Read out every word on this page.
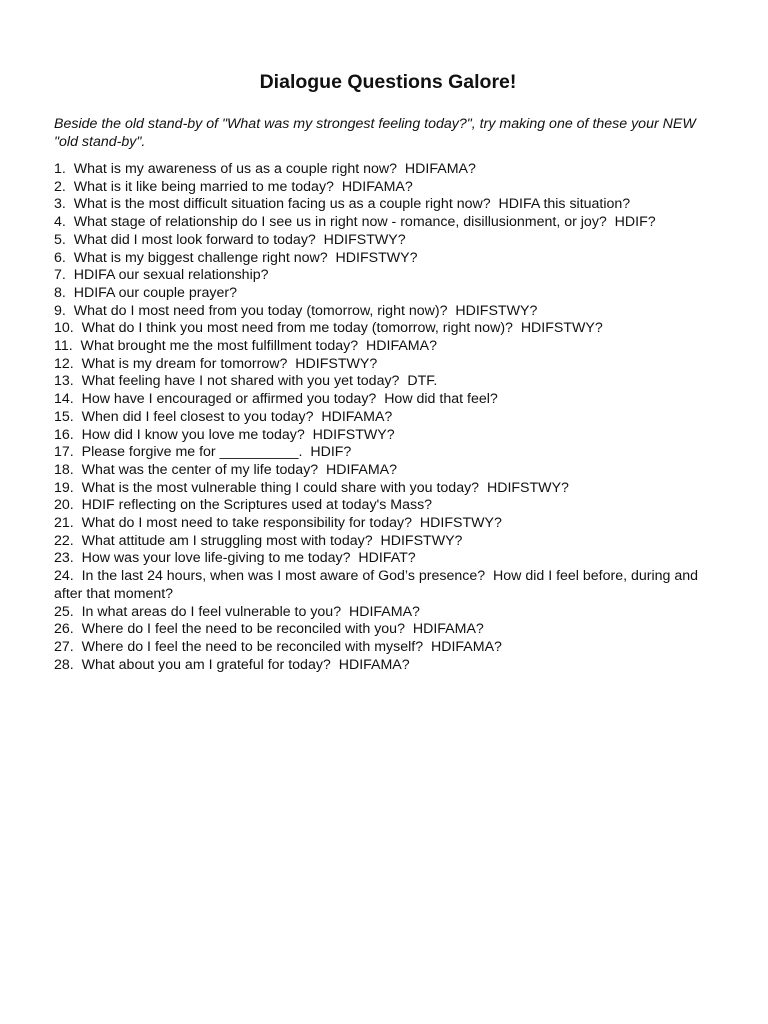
Dialogue Questions Galore!

Beside the old stand-by of "What was my strongest feeling today?", try making one of these your NEW "old stand-by".

1.  What is my awareness of us as a couple right now?  HDIFAMA?
2.  What is it like being married to me today?  HDIFAMA?
3.  What is the most difficult situation facing us as a couple right now?  HDIFA this situation?
4.  What stage of relationship do I see us in right now - romance, disillusionment, or joy?  HDIF?
5.  What did I most look forward to today?  HDIFSTWY?
6.  What is my biggest challenge right now?  HDIFSTWY?
7.  HDIFA our sexual relationship?
8.  HDIFA our couple prayer?
9.  What do I most need from you today (tomorrow, right now)?  HDIFSTWY?
10.  What do I think you most need from me today (tomorrow, right now)?  HDIFSTWY?
11.  What brought me the most fulfillment today?  HDIFAMA?
12.  What is my dream for tomorrow?  HDIFSTWY?
13.  What feeling have I not shared with you yet today?  DTF.
14.  How have I encouraged or affirmed you today?  How did that feel?
15.  When did I feel closest to you today?  HDIFAMA?
16.  How did I know you love me today?  HDIFSTWY?
17.  Please forgive me for __________.  HDIF?
18.  What was the center of my life today?  HDIFAMA?
19.  What is the most vulnerable thing I could share with you today?  HDIFSTWY?
20.  HDIF reflecting on the Scriptures used at today's Mass?
21.  What do I most need to take responsibility for today?  HDIFSTWY?
22.  What attitude am I struggling most with today?  HDIFSTWY?
23.  How was your love life-giving to me today?  HDIFAT?
24.  In the last 24 hours, when was I most aware of God’s presence?  How did I feel before, during and after that moment?
25.  In what areas do I feel vulnerable to you?  HDIFAMA?
26.  Where do I feel the need to be reconciled with you?  HDIFAMA?
27.  Where do I feel the need to be reconciled with myself?  HDIFAMA?
28.  What about you am I grateful for today?  HDIFAMA?
